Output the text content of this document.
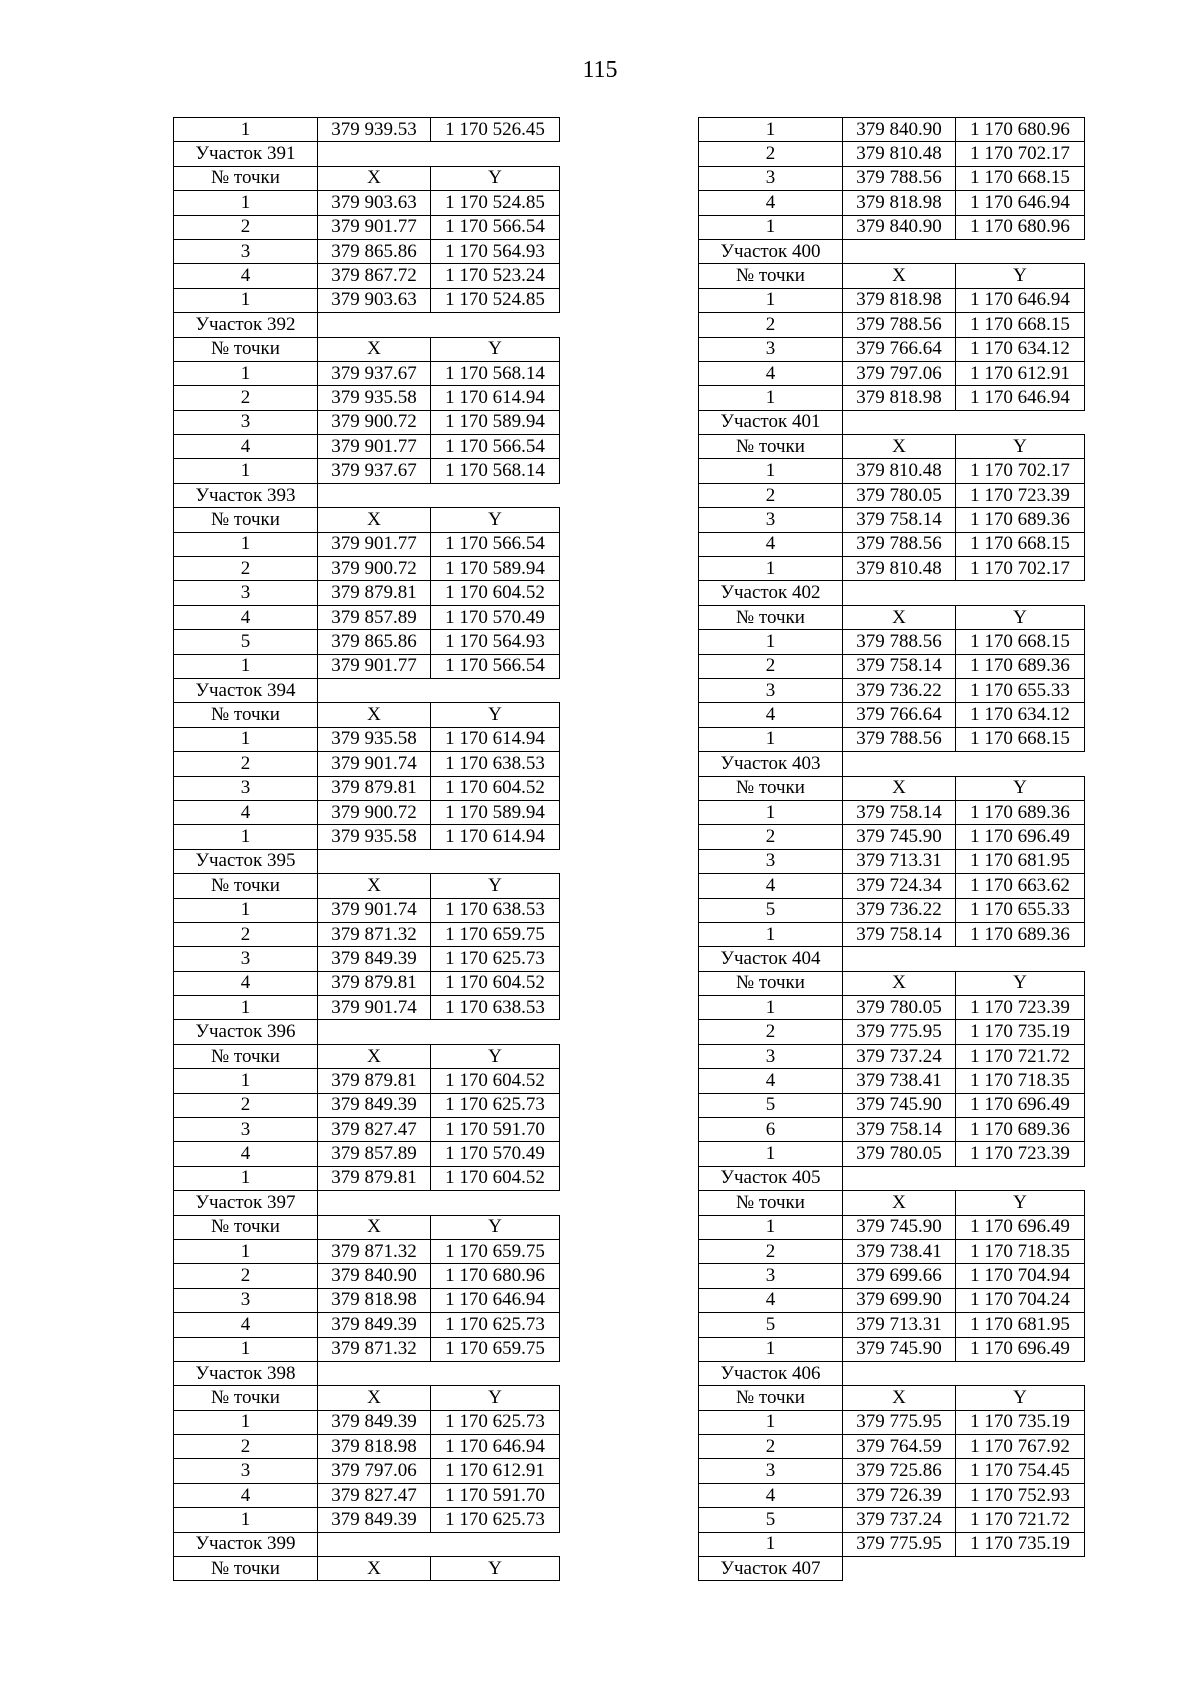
115
1	379 939.53	1 170 526.45
Участок 391		
№ точки	X	Y
1	379 903.63	1 170 524.85
2	379 901.77	1 170 566.54
3	379 865.86	1 170 564.93
4	379 867.72	1 170 523.24
1	379 903.63	1 170 524.85
Участок 392		
№ точки	X	Y
1	379 937.67	1 170 568.14
2	379 935.58	1 170 614.94
3	379 900.72	1 170 589.94
4	379 901.77	1 170 566.54
1	379 937.67	1 170 568.14
Участок 393		
№ точки	X	Y
1	379 901.77	1 170 566.54
2	379 900.72	1 170 589.94
3	379 879.81	1 170 604.52
4	379 857.89	1 170 570.49
5	379 865.86	1 170 564.93
1	379 901.77	1 170 566.54
Участок 394		
№ точки	X	Y
1	379 935.58	1 170 614.94
2	379 901.74	1 170 638.53
3	379 879.81	1 170 604.52
4	379 900.72	1 170 589.94
1	379 935.58	1 170 614.94
Участок 395		
№ точки	X	Y
1	379 901.74	1 170 638.53
2	379 871.32	1 170 659.75
3	379 849.39	1 170 625.73
4	379 879.81	1 170 604.52
1	379 901.74	1 170 638.53
Участок 396		
№ точки	X	Y
1	379 879.81	1 170 604.52
2	379 849.39	1 170 625.73
3	379 827.47	1 170 591.70
4	379 857.89	1 170 570.49
1	379 879.81	1 170 604.52
Участок 397		
№ точки	X	Y
1	379 871.32	1 170 659.75
2	379 840.90	1 170 680.96
3	379 818.98	1 170 646.94
4	379 849.39	1 170 625.73
1	379 871.32	1 170 659.75
Участок 398		
№ точки	X	Y
1	379 849.39	1 170 625.73
2	379 818.98	1 170 646.94
3	379 797.06	1 170 612.91
4	379 827.47	1 170 591.70
1	379 849.39	1 170 625.73
Участок 399		
№ точки	X	Y
1	379 840.90	1 170 680.96
2	379 810.48	1 170 702.17
3	379 788.56	1 170 668.15
4	379 818.98	1 170 646.94
1	379 840.90	1 170 680.96
Участок 400		
№ точки	X	Y
1	379 818.98	1 170 646.94
2	379 788.56	1 170 668.15
3	379 766.64	1 170 634.12
4	379 797.06	1 170 612.91
1	379 818.98	1 170 646.94
Участок 401		
№ точки	X	Y
1	379 810.48	1 170 702.17
2	379 780.05	1 170 723.39
3	379 758.14	1 170 689.36
4	379 788.56	1 170 668.15
1	379 810.48	1 170 702.17
Участок 402		
№ точки	X	Y
1	379 788.56	1 170 668.15
2	379 758.14	1 170 689.36
3	379 736.22	1 170 655.33
4	379 766.64	1 170 634.12
1	379 788.56	1 170 668.15
Участок 403		
№ точки	X	Y
1	379 758.14	1 170 689.36
2	379 745.90	1 170 696.49
3	379 713.31	1 170 681.95
4	379 724.34	1 170 663.62
5	379 736.22	1 170 655.33
1	379 758.14	1 170 689.36
Участок 404		
№ точки	X	Y
1	379 780.05	1 170 723.39
2	379 775.95	1 170 735.19
3	379 737.24	1 170 721.72
4	379 738.41	1 170 718.35
5	379 745.90	1 170 696.49
6	379 758.14	1 170 689.36
1	379 780.05	1 170 723.39
Участок 405		
№ точки	X	Y
1	379 745.90	1 170 696.49
2	379 738.41	1 170 718.35
3	379 699.66	1 170 704.94
4	379 699.90	1 170 704.24
5	379 713.31	1 170 681.95
1	379 745.90	1 170 696.49
Участок 406		
№ точки	X	Y
1	379 775.95	1 170 735.19
2	379 764.59	1 170 767.92
3	379 725.86	1 170 754.45
4	379 726.39	1 170 752.93
5	379 737.24	1 170 721.72
1	379 775.95	1 170 735.19
Участок 407		
